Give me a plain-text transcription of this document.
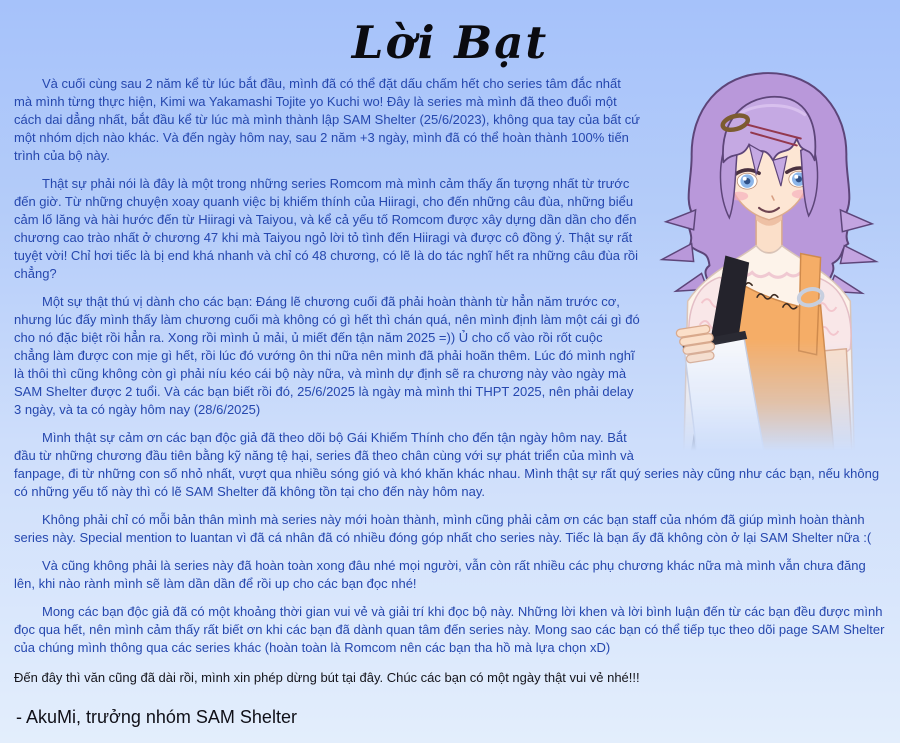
Lời Bạt

Và cuối cùng sau 2 năm kể từ lúc bắt đầu, mình đã có thể đặt dấu chấm hết cho series tâm đắc nhất mà mình từng thực hiện, Kimi wa Yakamashi Tojite yo Kuchi wo! Đây là series mà mình đã theo đuổi một cách dai dẳng nhất, bắt đầu kể từ lúc mà mình thành lập SAM Shelter (25/6/2023), không qua tay của bất cứ một nhóm dịch nào khác. Và đến ngày hôm nay, sau 2 năm +3 ngày, mình đã có thể hoàn thành 100% tiến trình của bộ này.

Thật sự phải nói là đây là một trong những series Romcom mà mình cảm thấy ấn tượng nhất từ trước đến giờ. Từ những chuyện xoay quanh việc bị khiếm thính của Hiiragi, cho đến những câu đùa, những biểu cảm lố lăng và hài hước đến từ Hiiragi và Taiyou, và kể cả yếu tố Romcom được xây dựng dần dần cho đến chương cao trào nhất ở chương 47 khi mà Taiyou ngỏ lời tỏ tình đến Hiiragi và được cô đồng ý. Thật sự rất tuyệt vời! Chỉ hơi tiếc là bị end khá nhanh và chỉ có 48 chương, có lẽ là do tác nghĩ hết ra những câu đùa rồi chẳng?

Một sự thật thú vị dành cho các bạn: Đáng lẽ chương cuối đã phải hoàn thành từ hẳn năm trước cơ, nhưng lúc đấy mình thấy làm chương cuối mà không có gì hết thì chán quá, nên mình định làm một cái gì đó cho nó đặc biệt rồi hẳn ra. Xong rồi mình ủ mải, ủ miết đến tận năm 2025 =)) Ủ cho cố vào rồi rốt cuộc chẳng làm được con mịe gì hết, rồi lúc đó vướng ôn thi nữa nên mình đã phải hoãn thêm. Lúc đó mình nghĩ là thôi thì cũng không còn gì phải níu kéo cái bộ này nữa, và mình dự định sẽ ra chương này vào ngày mà SAM Shelter được 2 tuổi. Và các bạn biết rồi đó, 25/6/2025 là ngày mà mình thi THPT 2025, nên phải delay 3 ngày, và ta có ngày hôm nay (28/6/2025)

Mình thật sự cảm ơn các bạn độc giả đã theo dõi bộ Gái Khiếm Thính cho đến tận ngày hôm nay. Bắt đầu từ những chương đầu tiên bằng kỹ năng tệ hại, series đã theo chân cùng với sự phát triển của mình và fanpage, đi từ những con số nhỏ nhất, vượt qua nhiều sóng gió và khó khăn khác nhau. Mình thật sự rất quý series này cũng như các bạn, nếu không có những yếu tố này thì có lẽ SAM Shelter đã không tồn tại cho đến này hôm nay.

Không phải chỉ có mỗi bản thân mình mà series này mới hoàn thành, mình cũng phải cảm ơn các bạn staff của nhóm đã giúp mình hoàn thành series này. Special mention to luantan vì đã cá nhân đã có nhiều đóng góp nhất cho series này. Tiếc là bạn ấy đã không còn ở lại SAM Shelter nữa :(

Và cũng không phải là series này đã hoàn toàn xong đâu nhé mọi người, vẫn còn rất nhiều các phụ chương khác nữa mà mình vẫn chưa đăng lên, khi nào rành mình sẽ làm dần dần để rồi up cho các bạn đọc nhé!

Mong các bạn độc giả đã có một khoảng thời gian vui vẻ và giải trí khi đọc bộ này. Những lời khen và lời bình luận đến từ các bạn đều được mình đọc qua hết, nên mình cảm thấy rất biết ơn khi các bạn đã dành quan tâm đến series này. Mong sao các bạn có thể tiếp tục theo dõi page SAM Shelter của chúng mình thông qua các series khác (hoàn toàn là Romcom nên các bạn tha hồ mà lựa chọn xD)

Đến đây thì văn cũng đã dài rồi, mình xin phép dừng bút tại đây. Chúc các bạn có một ngày thật vui vẻ nhé!!!

- AkuMi, trưởng nhóm SAM Shelter
